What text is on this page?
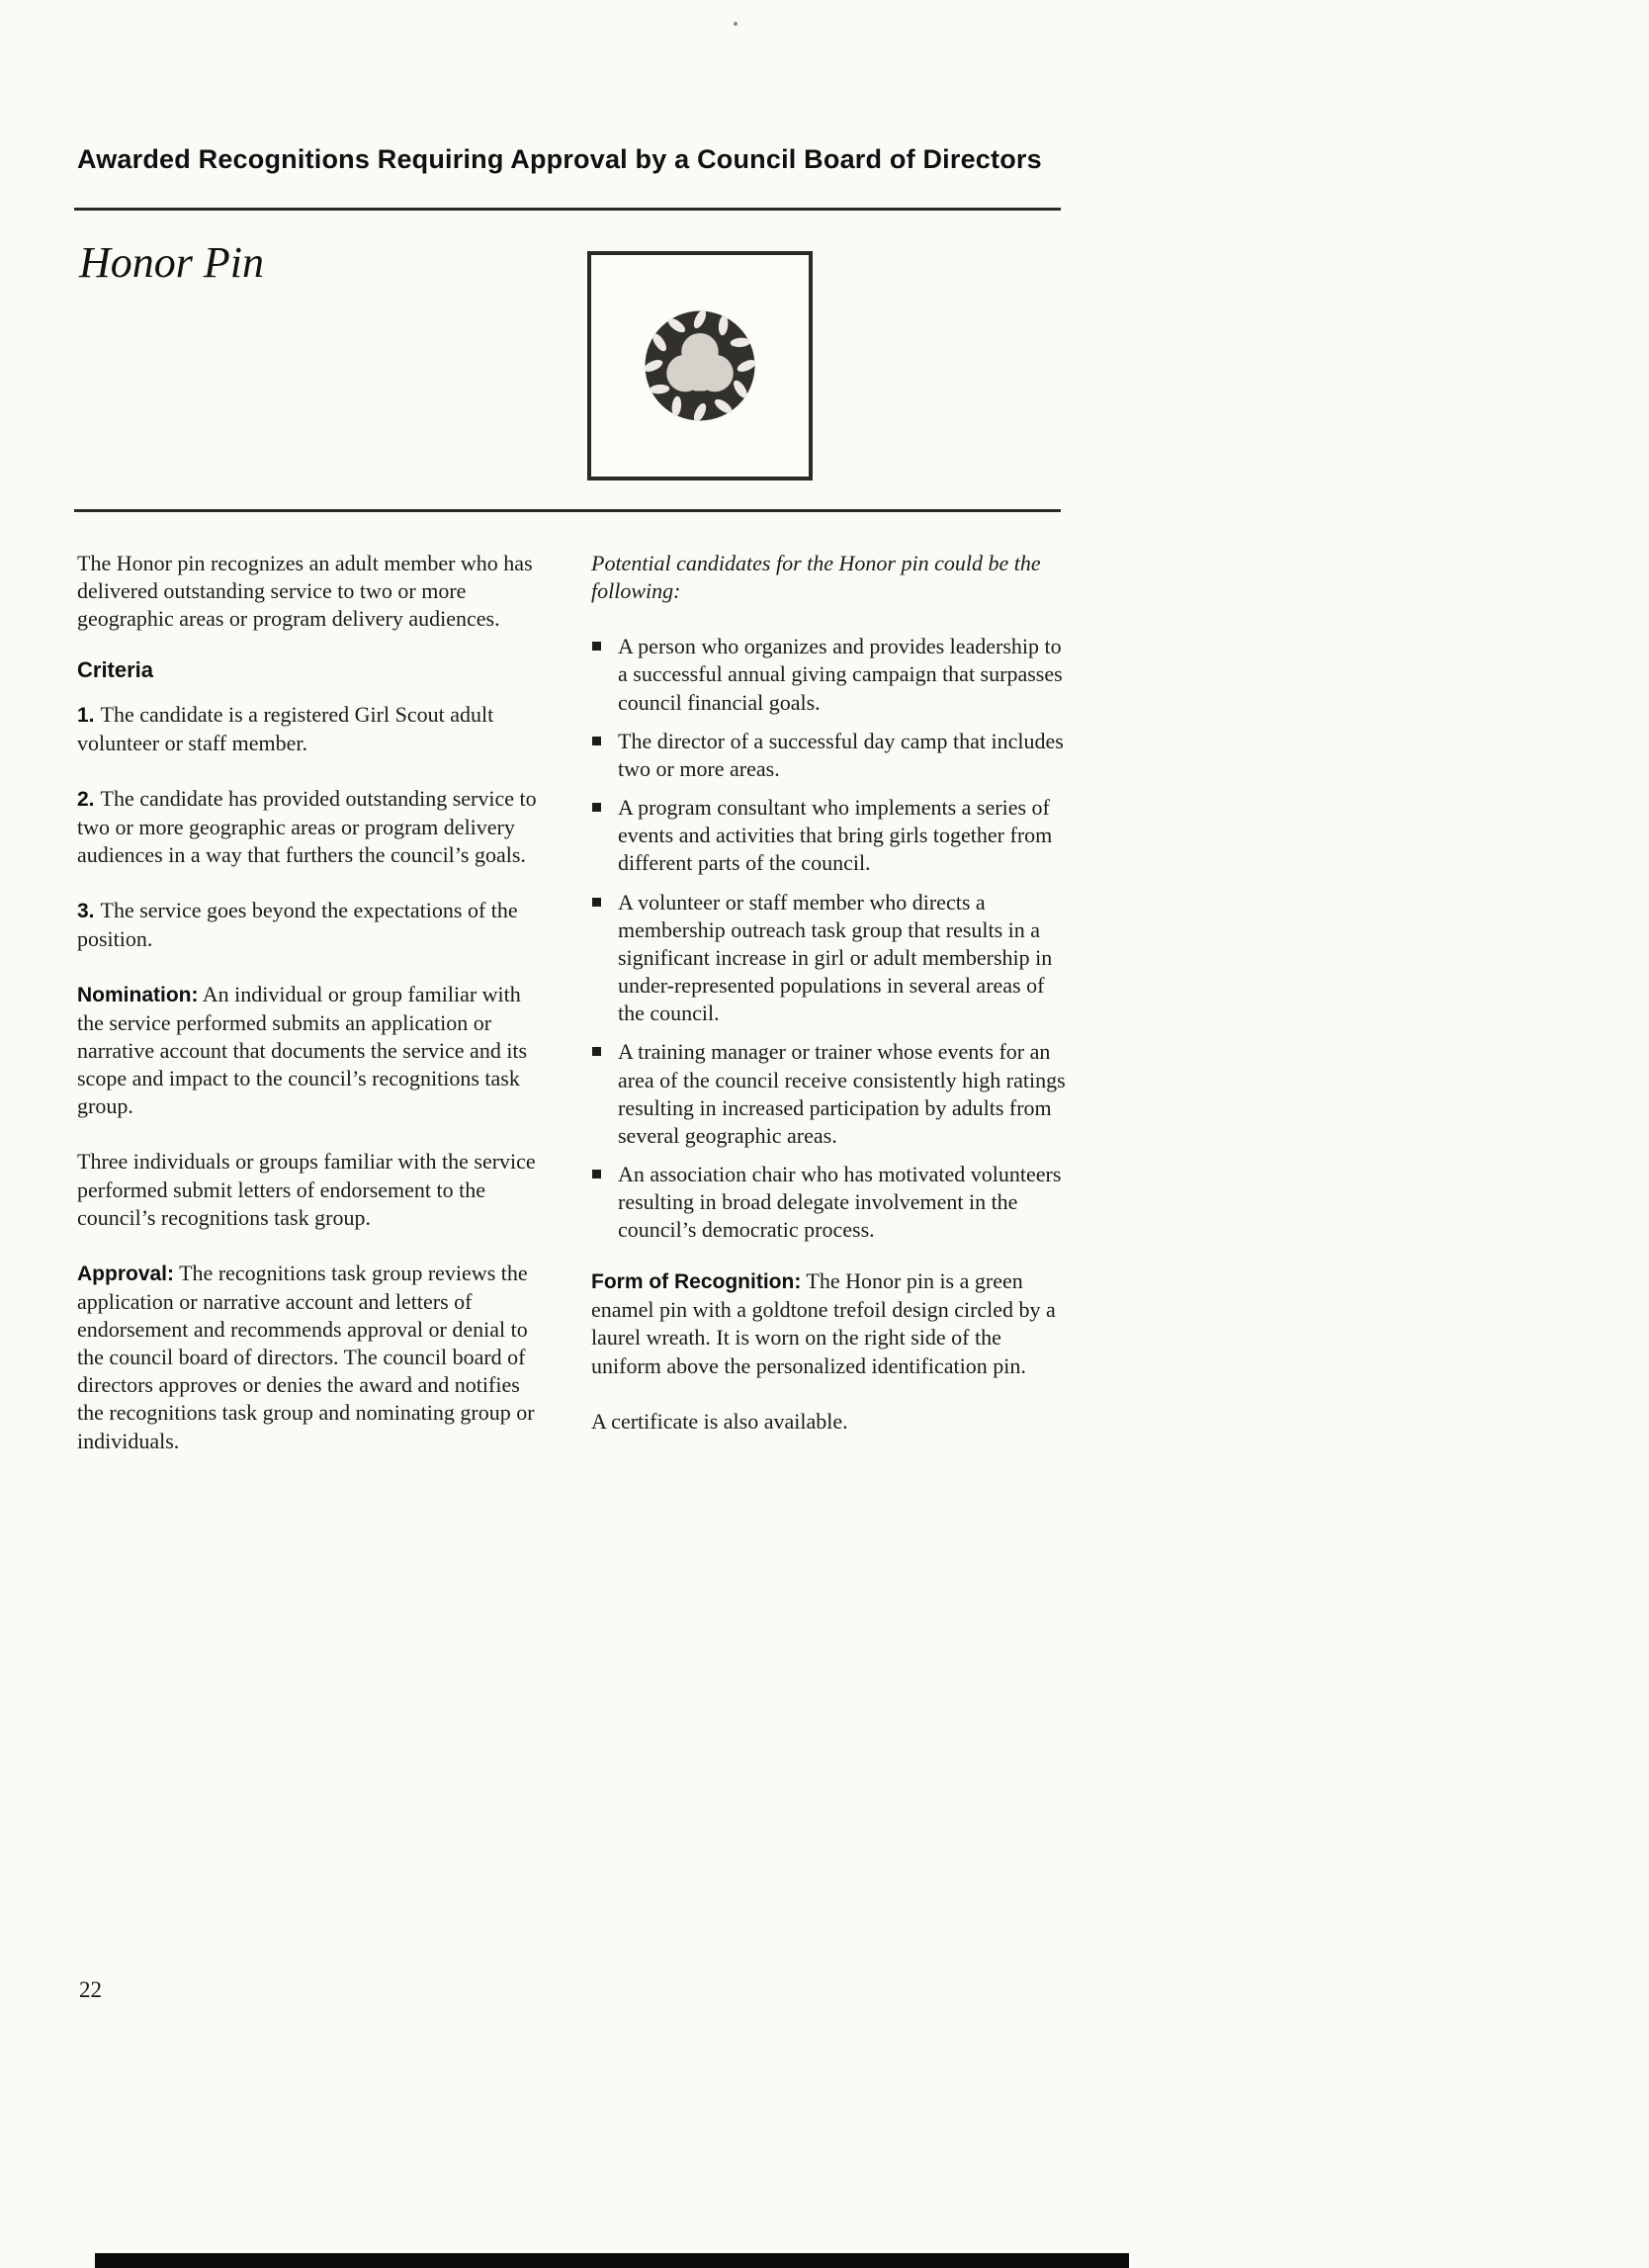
Awarded Recognitions Requiring Approval by a Council Board of Directors
Honor Pin

The Honor pin recognizes an adult member who has delivered outstanding service to two or more geographic areas or program delivery audiences.

Criteria

1. The candidate is a registered Girl Scout adult volunteer or staff member.

2. The candidate has provided outstanding service to two or more geographic areas or program delivery audiences in a way that furthers the council’s goals.

3. The service goes beyond the expectations of the position.

Nomination: An individual or group familiar with the service performed submits an application or narrative account that documents the service and its scope and impact to the council’s recognitions task group.

Three individuals or groups familiar with the service performed submit letters of endorsement to the council’s recognitions task group.

Approval: The recognitions task group reviews the application or narrative account and letters of endorsement and recommends approval or denial to the council board of directors. The council board of directors approves or denies the award and notifies the recognitions task group and nominating group or individuals.

Potential candidates for the Honor pin could be the following:

A person who organizes and provides leadership to a successful annual giving campaign that surpasses council financial goals.
The director of a successful day camp that includes two or more areas.
A program consultant who implements a series of events and activities that bring girls together from different parts of the council.
A volunteer or staff member who directs a membership outreach task group that results in a significant increase in girl or adult membership in under-represented populations in several areas of the council.
A training manager or trainer whose events for an area of the council receive consistently high ratings resulting in increased participation by adults from several geographic areas.
An association chair who has motivated volunteers resulting in broad delegate involvement in the council’s democratic process.

Form of Recognition: The Honor pin is a green enamel pin with a goldtone trefoil design circled by a laurel wreath. It is worn on the right side of the uniform above the personalized identification pin.

A certificate is also available.

22
